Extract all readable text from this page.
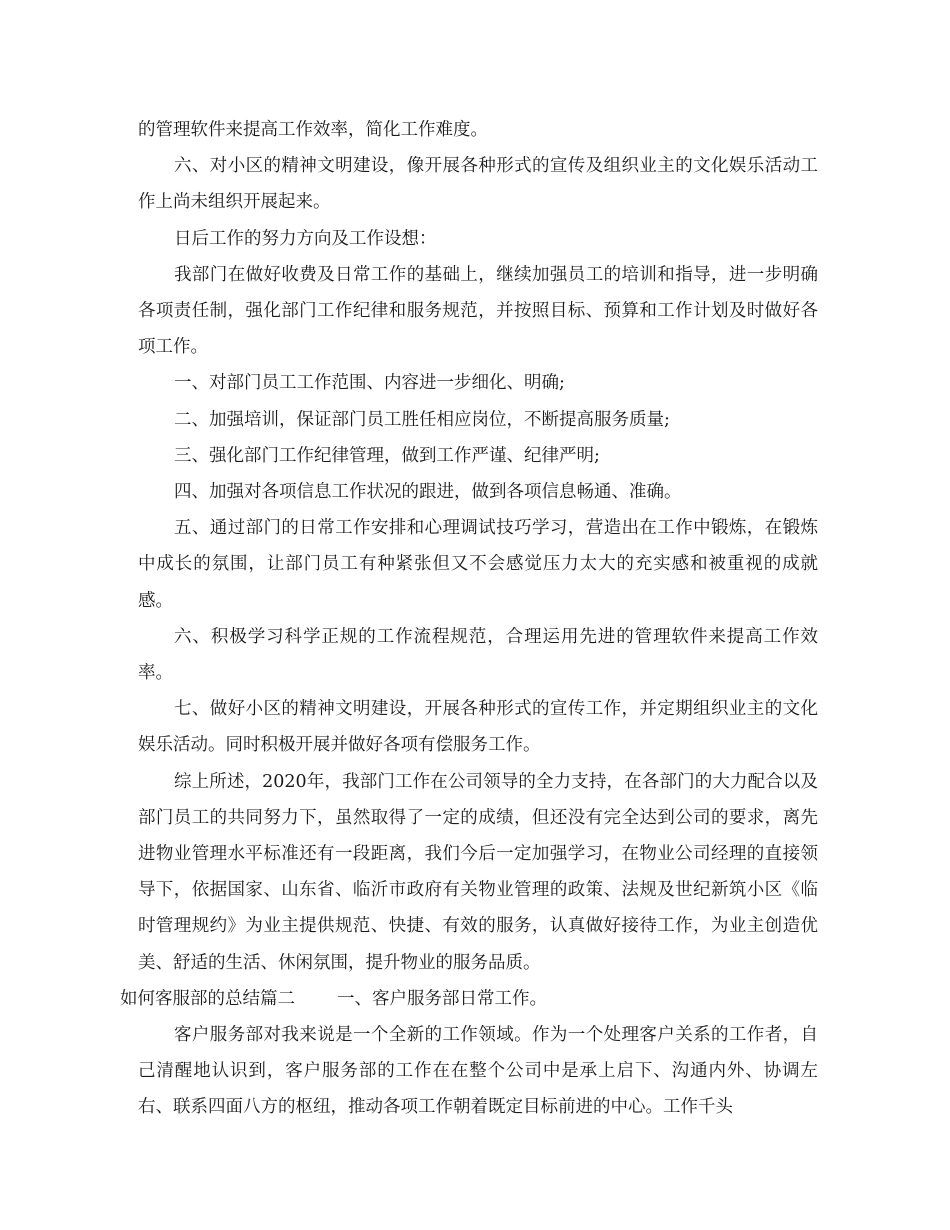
的管理软件来提高工作效率，简化工作难度。

六、对小区的精神文明建设，像开展各种形式的宣传及组织业主的文化娱乐活动工作上尚未组织开展起来。

日后工作的努力方向及工作设想：

我部门在做好收费及日常工作的基础上，继续加强员工的培训和指导，进一步明确各项责任制，强化部门工作纪律和服务规范，并按照目标、预算和工作计划及时做好各项工作。

一、对部门员工工作范围、内容进一步细化、明确;

二、加强培训，保证部门员工胜任相应岗位，不断提高服务质量;

三、强化部门工作纪律管理，做到工作严谨、纪律严明;

四、加强对各项信息工作状况的跟进，做到各项信息畅通、准确。

五、通过部门的日常工作安排和心理调试技巧学习，营造出在工作中锻炼，在锻炼中成长的氛围，让部门员工有种紧张但又不会感觉压力太大的充实感和被重视的成就感。

六、积极学习科学正规的工作流程规范，合理运用先进的管理软件来提高工作效率。

七、做好小区的精神文明建设，开展各种形式的宣传工作，并定期组织业主的文化娱乐活动。同时积极开展并做好各项有偿服务工作。

综上所述，2020年，我部门工作在公司领导的全力支持，在各部门的大力配合以及部门员工的共同努力下，虽然取得了一定的成绩，但还没有完全达到公司的要求，离先进物业管理水平标准还有一段距离，我们今后一定加强学习，在物业公司经理的直接领导下，依据国家、山东省、临沂市政府有关物业管理的政策、法规及世纪新筑小区《临时管理规约》为业主提供规范、快捷、有效的服务，认真做好接待工作，为业主创造优美、舒适的生活、休闲氛围，提升物业的服务品质。

如何客服部的总结篇二 一、客户服务部日常工作。

客户服务部对我来说是一个全新的工作领域。作为一个处理客户关系的工作者，自己清醒地认识到，客户服务部的工作在在整个公司中是承上启下、沟通内外、协调左右、联系四面八方的枢纽，推动各项工作朝着既定目标前进的中心。工作千头
